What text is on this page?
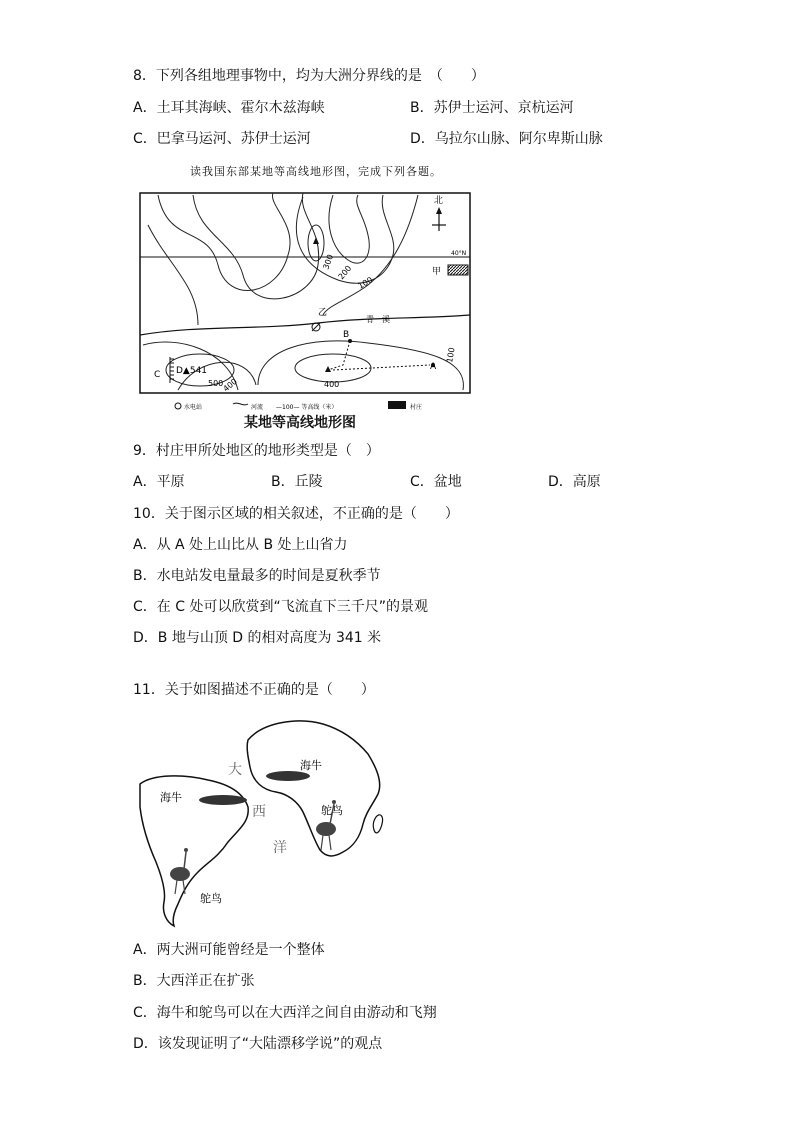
8．下列各组地理事物中，均为大洲分界线的是　（　　）
A．土耳其海峡、霍尔木兹海峡	B．苏伊士运河、京杭运河
C．巴拿马运河、苏伊士运河	D．乌拉尔山脉、阿尔卑斯山脉
读我国东部某地等高线地形图，完成下列各题。
北
40°N
甲
乙
青　溪
B
A
C D▲541
300
200
100
100
400
400
500
水电站	河流 —100— 等高线（米）	村庄
某地等高线地形图
9．村庄甲所处地区的地形类型是（　）
A．平原	B．丘陵	C．盆地	D．高原
10．关于图示区域的相关叙述，不正确的是（　　）
A．从 A 处上山比从 B 处上山省力
B．水电站发电量最多的时间是夏秋季节
C．在 C 处可以欣赏到“飞流直下三千尺”的景观
D．B 地与山顶 D 的相对高度为 341 米
11．关于如图描述不正确的是（　　）
海牛
海牛
鸵鸟
鸵鸟
大
西
洋
A．两大洲可能曾经是一个整体
B．大西洋正在扩张
C．海牛和鸵鸟可以在大西洋之间自由游动和飞翔
D．该发现证明了“大陆漂移学说”的观点
